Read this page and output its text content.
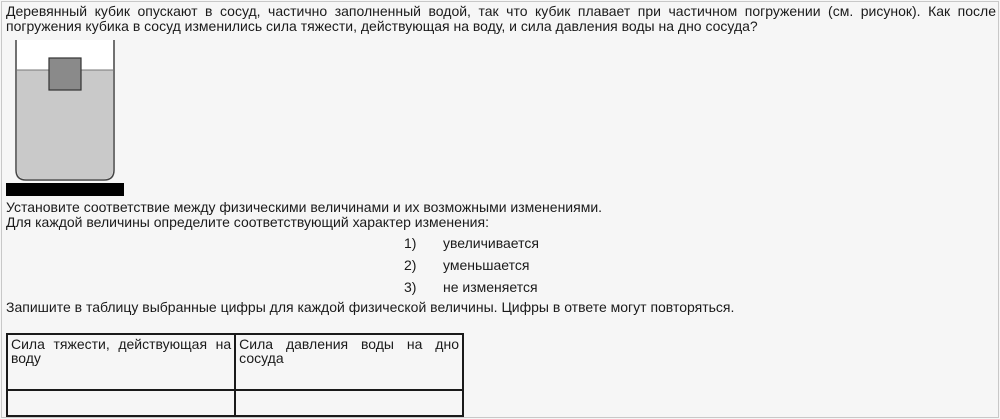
Деревянный кубик опускают в сосуд, частично заполненный водой, так что кубик плавает при частичном погружении (см. рисунок). Как после погружения кубика в сосуд изменились сила тяжести, действующая на воду, и сила давления воды на дно сосуда?
Установите соответствие между физическими величинами и их возможными изменениями.
Для каждой величины определите соответствующий характер изменения:
1) увеличивается
2) уменьшается
3) не изменяется
Запишите в таблицу выбранные цифры для каждой физической величины. Цифры в ответе могут повторяться.
Сила тяжести, действующая на воду	Сила давления воды на дно сосуда
